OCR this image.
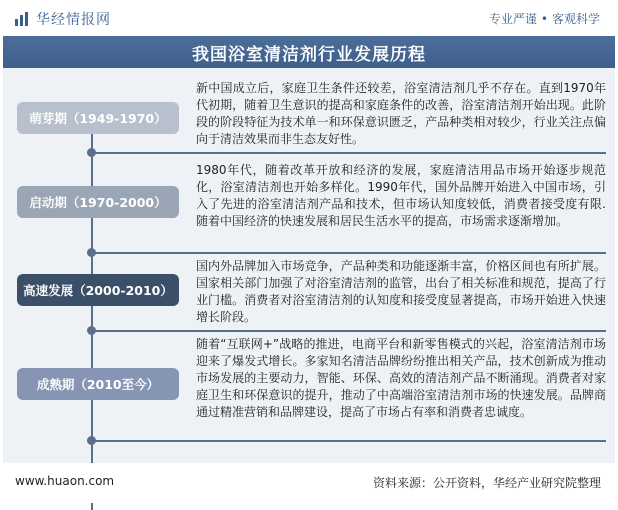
华经情报网	专业严谨 • 客观科学
我国浴室清洁剂行业发展历程
萌芽期（1949-1970）
新中国成立后，家庭卫生条件还较差，浴室清洁剂几乎不存在。直到1970年代初期，随着卫生意识的提高和家庭条件的改善，浴室清洁剂开始出现。此阶段的阶段特征为技术单一和环保意识匮乏，产品种类相对较少，行业关注点偏向于清洁效果而非生态友好性。
启动期（1970-2000）
1980年代，随着改革开放和经济的发展，家庭清洁用品市场开始逐步规范化，浴室清洁剂也开始多样化。1990年代，国外品牌开始进入中国市场，引入了先进的浴室清洁剂产品和技术，但市场认知度较低，消费者接受度有限.随着中国经济的快速发展和居民生活水平的提高，市场需求逐渐增加。
高速发展（2000-2010）
国内外品牌加入市场竞争，产品种类和功能逐渐丰富，价格区间也有所扩展。国家相关部门加强了对浴室清洁剂的监管，出台了相关标准和规范，提高了行业门槛。消费者对浴室清洁剂的认知度和接受度显著提高，市场开始进入快速增长阶段。
成熟期（2010至今）
随着“互联网+”战略的推进，电商平台和新零售模式的兴起，浴室清洁剂市场迎来了爆发式增长。多家知名清洁品牌纷纷推出相关产品，技术创新成为推动市场发展的主要动力，智能、环保、高效的清洁剂产品不断涌现。消费者对家庭卫生和环保意识的提升，推动了中高端浴室清洁剂市场的快速发展。品牌商通过精准营销和品牌建设，提高了市场占有率和消费者忠诚度。
www.huaon.com	资料来源：公开资料，华经产业研究院整理
